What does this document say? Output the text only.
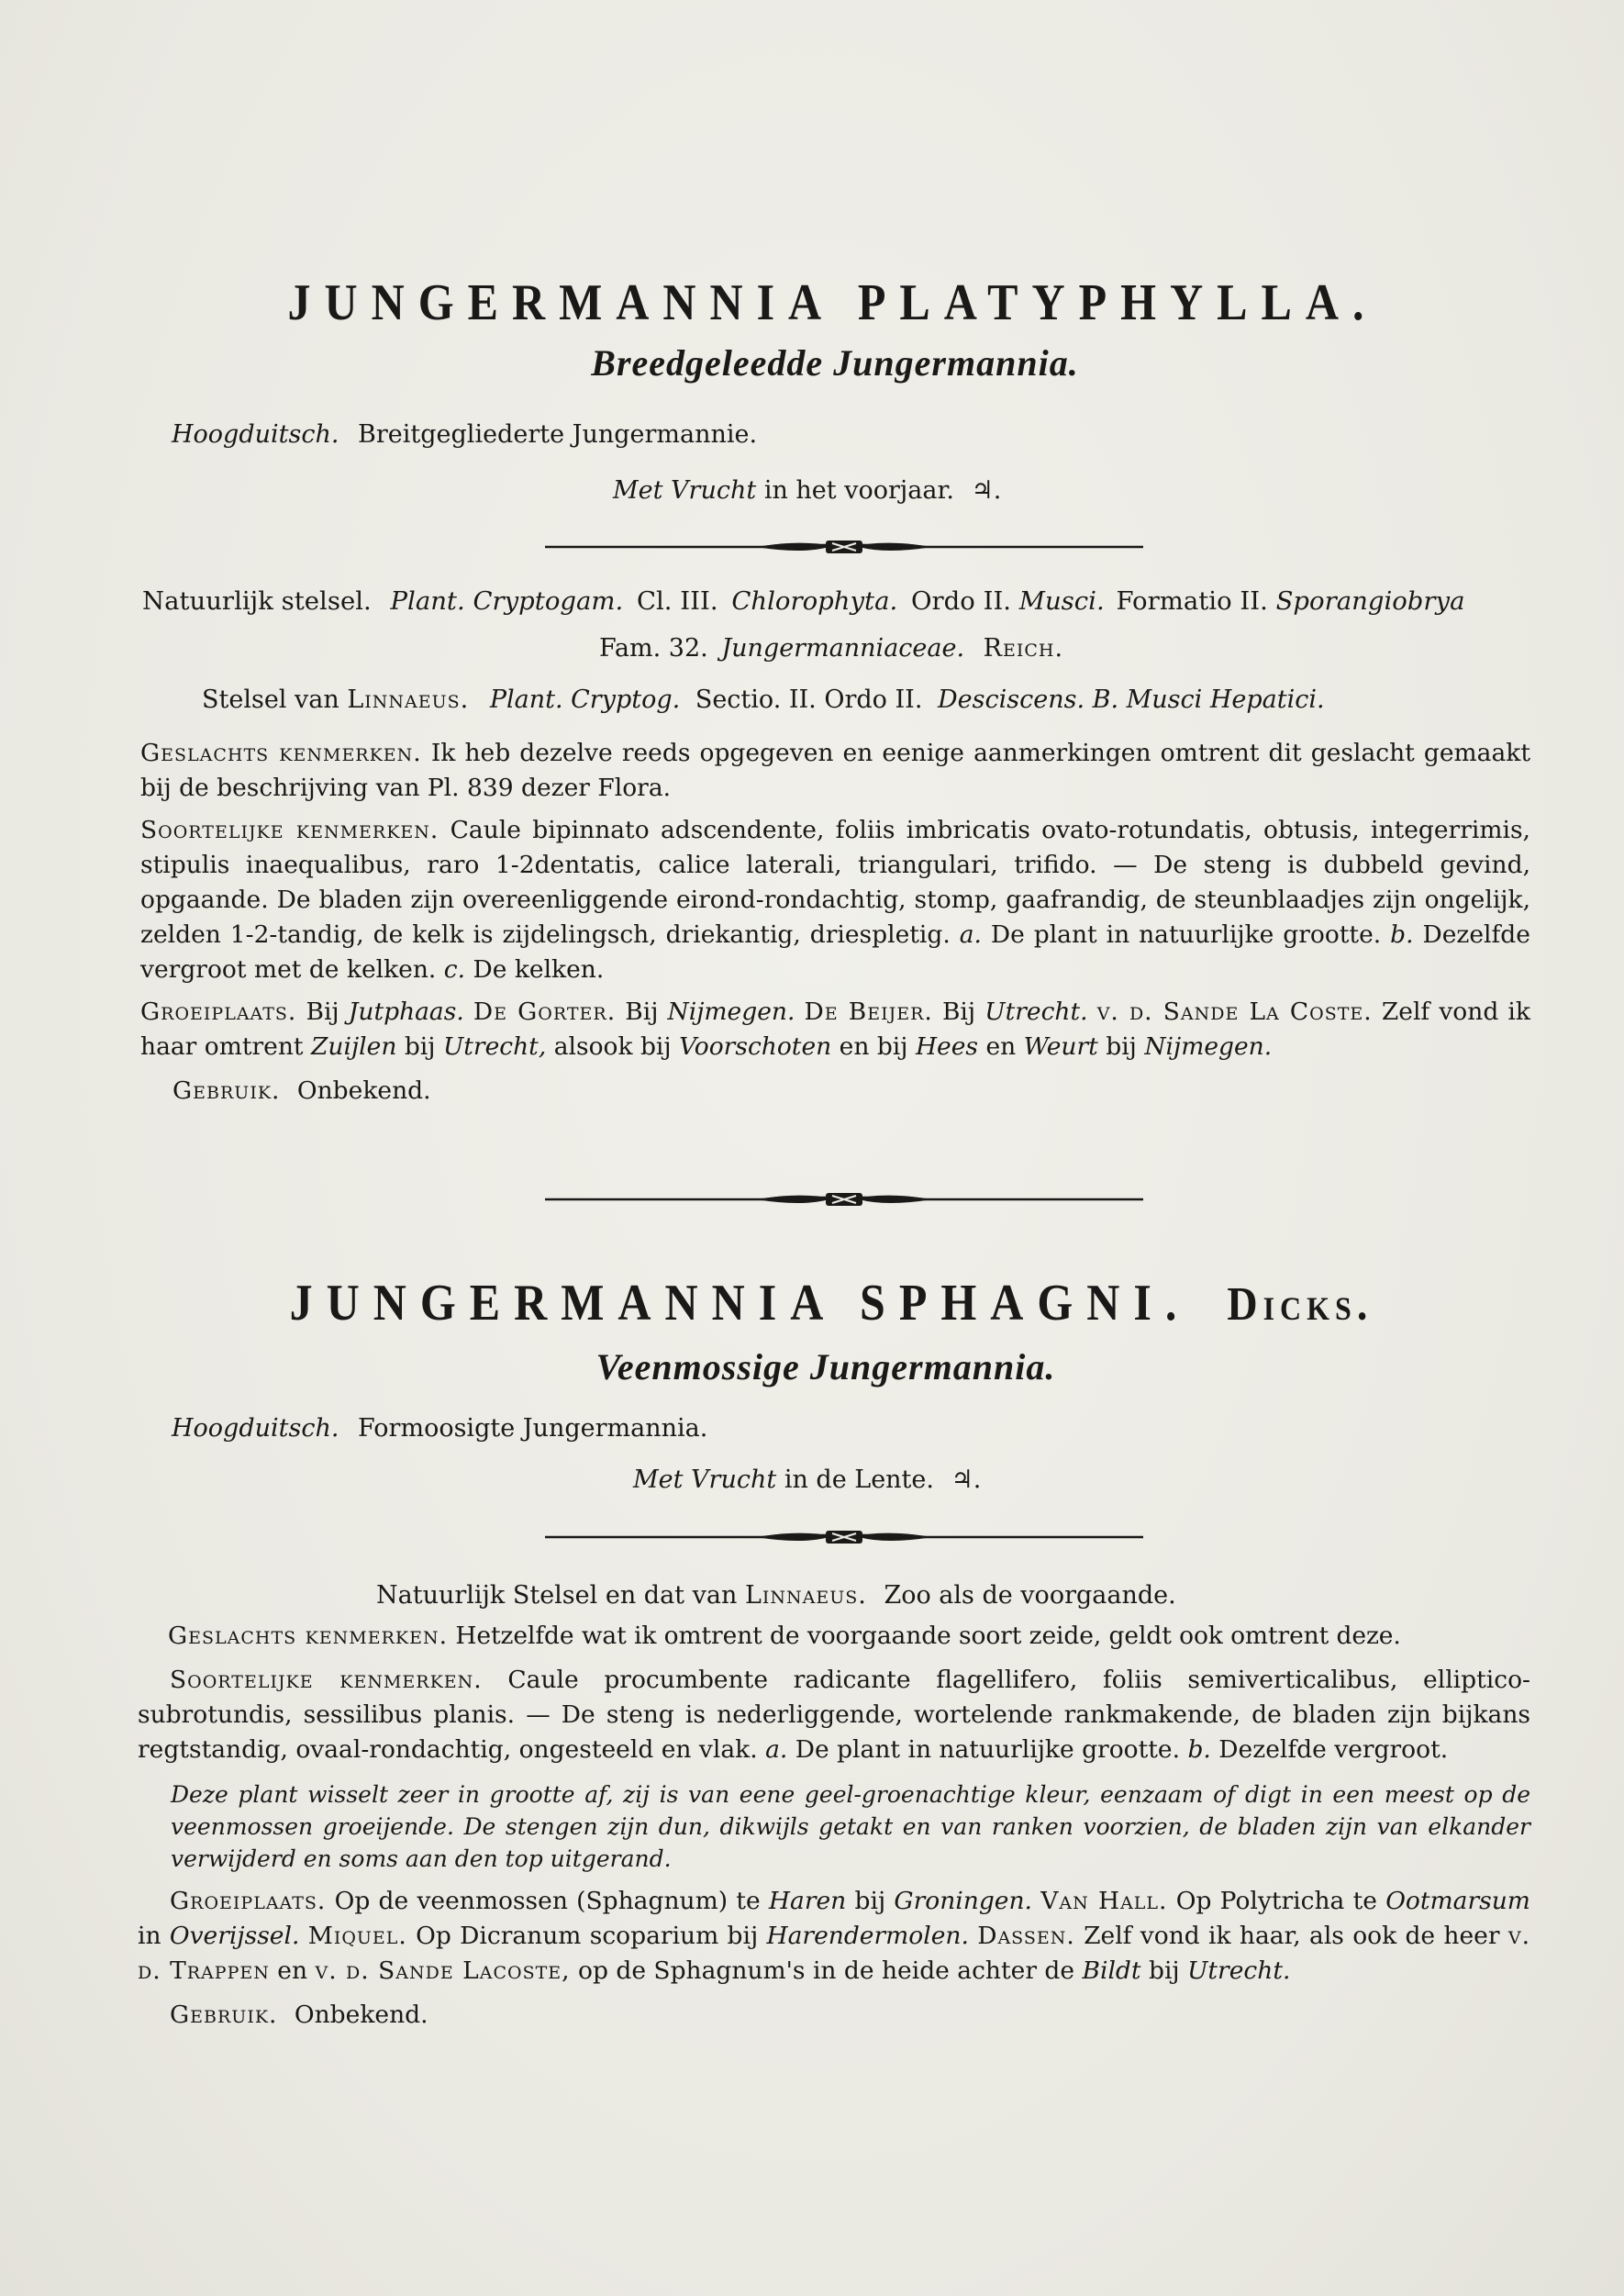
JUNGERMANNIA PLATYPHYLLA.
Breedgeleedde Jungermannia.
Hoogduitsch. Breitgegliederte Jungermannie.
Met Vrucht in het voorjaar. ♃.
Natuurlijk stelsel. Plant. Cryptogam. Cl. III. Chlorophyta. Ordo II. Musci. Formatio II. Sporangiobrya
Fam. 32. Jungermanniaceae. Reich.
Stelsel van Linnaeus. Plant. Cryptog. Sectio. II. Ordo II. Desciscens. B. Musci Hepatici.

Geslachts kenmerken. Ik heb dezelve reeds opgegeven en eenige aanmerkingen omtrent dit geslacht gemaakt bij de beschrijving van Pl. 839 dezer Flora.

Soortelijke kenmerken. Caule bipinnato adscendente, foliis imbricatis ovato-rotundatis, obtusis, integerrimis, stipulis inaequalibus, raro 1-2dentatis, calice laterali, triangulari, trifido. — De steng is dubbeld gevind, opgaande. De bladen zijn overeenliggende eirond-rondachtig, stomp, gaafrandig, de steunblaadjes zijn ongelijk, zelden 1-2-tandig, de kelk is zijdelingsch, driekantig, driespletig. a. De plant in natuurlijke grootte. b. Dezelfde vergroot met de kelken. c. De kelken.

Groeiplaats. Bij Jutphaas. De Gorter. Bij Nijmegen. De Beijer. Bij Utrecht. v. d. Sande La Coste. Zelf vond ik haar omtrent Zuijlen bij Utrecht, alsook bij Voorschoten en bij Hees en Weurt bij Nijmegen.

Gebruik. Onbekend.

JUNGERMANNIA SPHAGNI. Dicks.
Veenmossige Jungermannia.
Hoogduitsch. Formoosigte Jungermannia.
Met Vrucht in de Lente. ♃.
Natuurlijk Stelsel en dat van Linnaeus. Zoo als de voorgaande.

Geslachts kenmerken. Hetzelfde wat ik omtrent de voorgaande soort zeide, geldt ook omtrent deze.

Soortelijke kenmerken. Caule procumbente radicante flagellifero, foliis semiverticalibus, elliptico-subrotundis, sessilibus planis. — De steng is nederliggende, wortelende rankmakende, de bladen zijn bijkans regtstandig, ovaal-rondachtig, ongesteeld en vlak. a. De plant in natuurlijke grootte. b. Dezelfde vergroot.

Deze plant wisselt zeer in grootte af, zij is van eene geel-groenachtige kleur, eenzaam of digt in een meest op de veenmossen groeijende. De stengen zijn dun, dikwijls getakt en van ranken voorzien, de bladen zijn van elkander verwijderd en soms aan den top uitgerand.

Groeiplaats. Op de veenmossen (Sphagnum) te Haren bij Groningen. Van Hall. Op Polytricha te Ootmarsum in Overijssel. Miquel. Op Dicranum scoparium bij Harendermolen. Dassen. Zelf vond ik haar, als ook de heer v. d. Trappen en v. d. Sande Lacoste, op de Sphagnum's in de heide achter de Bildt bij Utrecht.

Gebruik. Onbekend.
